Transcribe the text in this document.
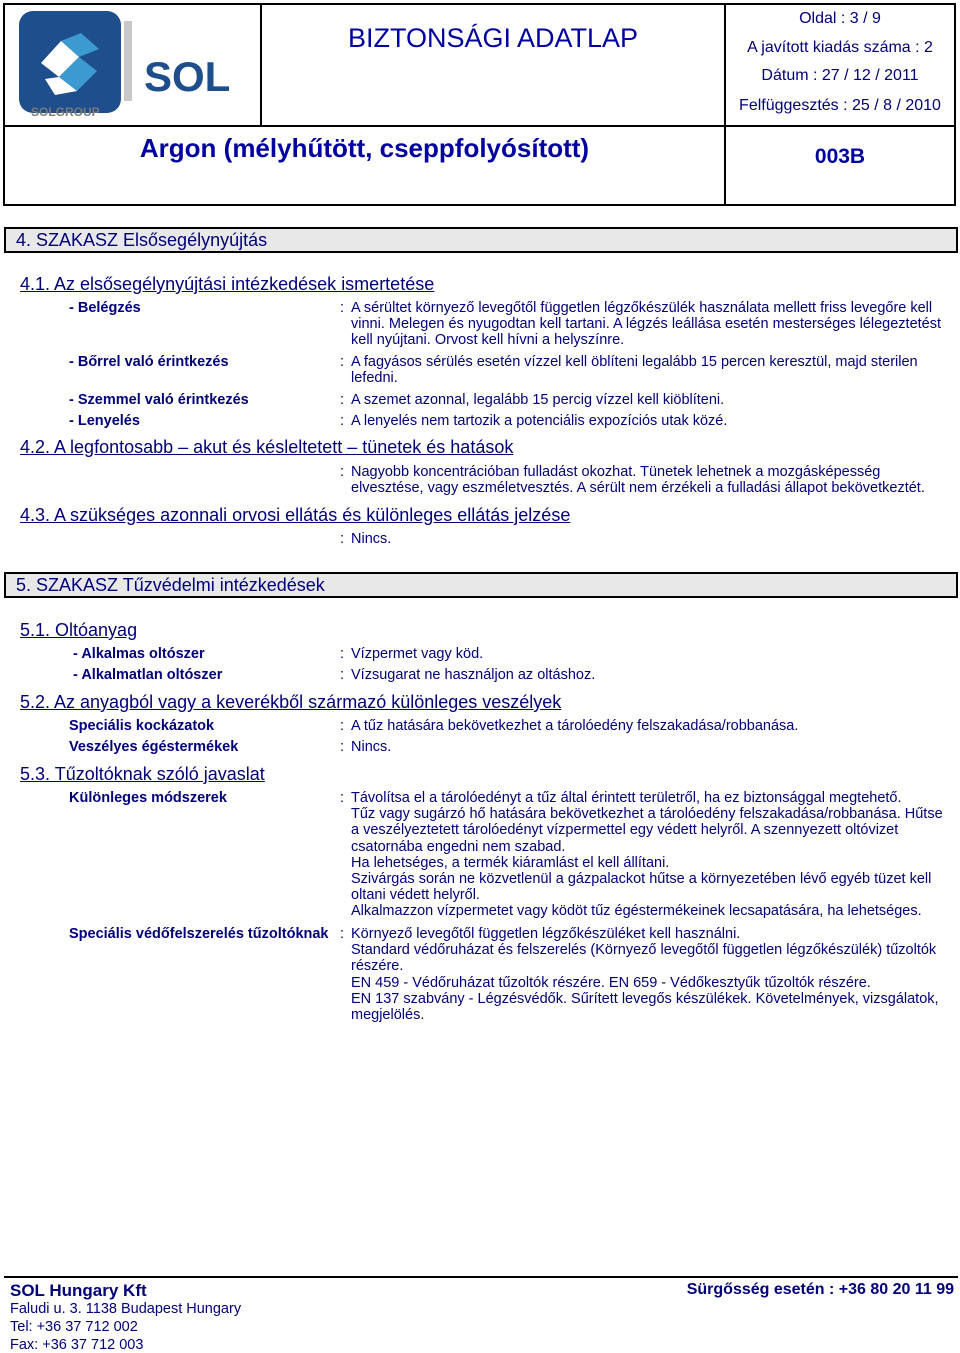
SOL
SOLGROUP
BIZTONSÁGI ADATLAP
Oldal : 3 / 9
A javított kiadás száma : 2
Dátum : 27 / 12 / 2011
Felfüggesztés : 25 / 8 / 2010
Argon (mélyhűtött, cseppfolyósított)	003B
4. SZAKASZ Elsősegélynyújtás
4.1. Az elsősegélynyújtási intézkedések ismertetése
- Belégzés	: A sérültet környező levegőtől független légzőkészülék használata mellett friss levegőre kell vinni. Melegen és nyugodtan kell tartani. A légzés leállása esetén mesterséges lélegeztetést kell nyújtani. Orvost kell hívni a helyszínre.
- Bőrrel való érintkezés	: A fagyásos sérülés esetén vízzel kell öblíteni legalább 15 percen keresztül, majd sterilen lefedni.
- Szemmel való érintkezés	: A szemet azonnal, legalább 15 percig vízzel kell kiöblíteni.
- Lenyelés	: A lenyelés nem tartozik a potenciális expozíciós utak közé.
4.2. A legfontosabb – akut és késleltetett – tünetek és hatások
: Nagyobb koncentrációban fulladást okozhat. Tünetek lehetnek a mozgásképesség elvesztése, vagy eszméletvesztés. A sérült nem érzékeli a fulladási állapot bekövetkeztét.
4.3. A szükséges azonnali orvosi ellátás és különleges ellátás jelzése
: Nincs.
5. SZAKASZ Tűzvédelmi intézkedések
5.1. Oltóanyag
- Alkalmas oltószer	: Vízpermet vagy köd.
- Alkalmatlan oltószer	: Vízsugarat ne használjon az oltáshoz.
5.2. Az anyagból vagy a keverékből származó különleges veszélyek
Speciális kockázatok	: A tűz hatására bekövetkezhet a tárolóedény felszakadása/robbanása.
Veszélyes égéstermékek	: Nincs.
5.3. Tűzoltóknak szóló javaslat
Különleges módszerek	: Távolítsa el a tárolóedényt a tűz által érintett területről, ha ez biztonsággal megtehető.
Tűz vagy sugárzó hő hatására bekövetkezhet a tárolóedény felszakadása/robbanása. Hűtse a veszélyeztetett tárolóedényt vízpermettel egy védett helyről. A szennyezett oltóvizet csatornába engedni nem szabad.
Ha lehetséges, a termék kiáramlást el kell állítani.
Szivárgás során ne közvetlenül a gázpalackot hűtse a környezetében lévő egyéb tüzet kell oltani védett helyről.
Alkalmazzon vízpermetet vagy ködöt tűz égéstermékeinek lecsapatására, ha lehetséges.
Speciális védőfelszerelés tűzoltóknak : Környező levegőtől független légzőkészüléket kell használni.
Standard védőruházat és felszerelés (Környező levegőtől független légzőkészülék) tűzoltók részére.
EN 459 - Védőruházat tűzoltók részére. EN 659 - Védőkesztyűk tűzoltók részére.
EN 137 szabvány - Légzésvédők. Sűrített levegős készülékek. Követelmények, vizsgálatok, megjelölés.
SOL Hungary Kft	Sürgősség esetén : +36 80 20 11 99
Faludi u. 3. 1138 Budapest Hungary
Tel: +36 37 712 002
Fax: +36 37 712 003
